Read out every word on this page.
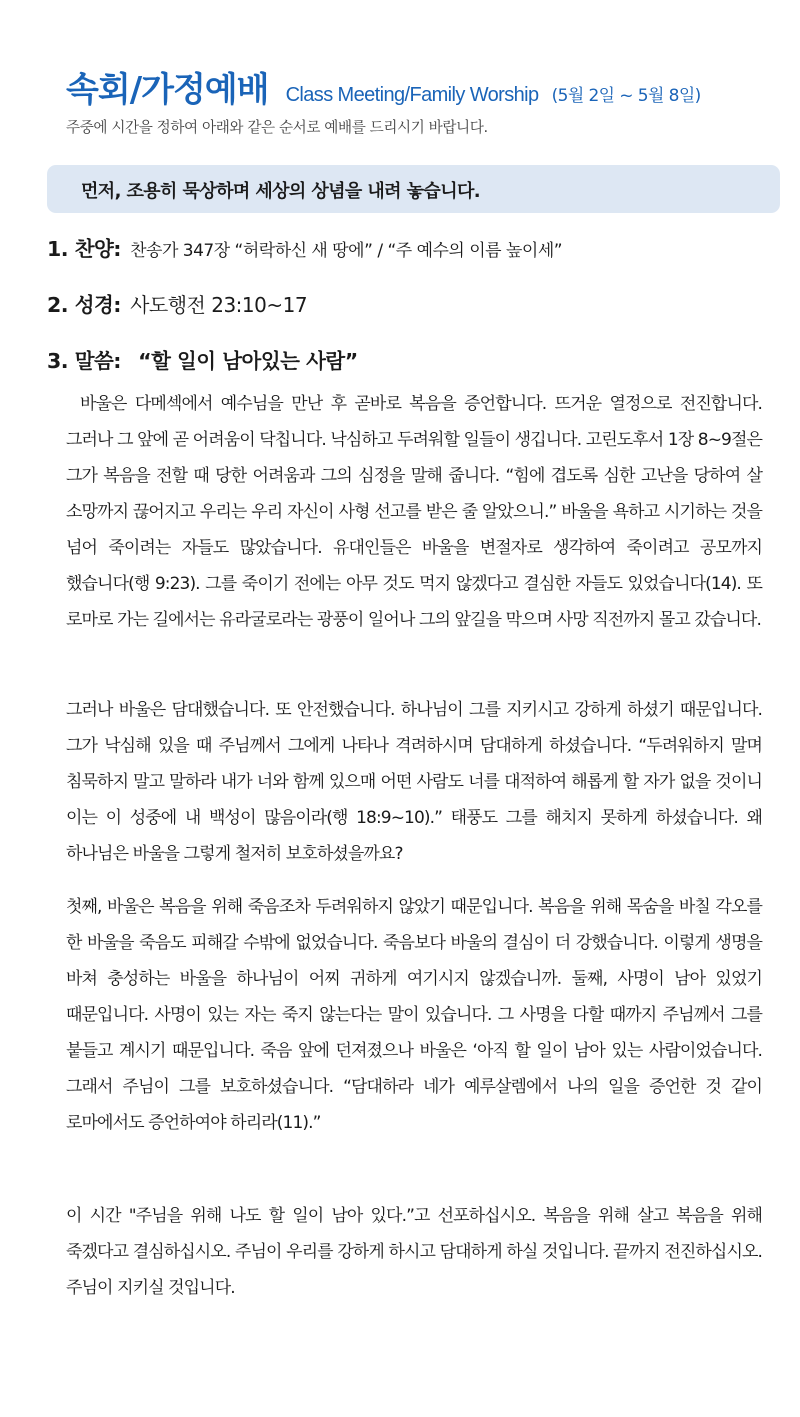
속회/가정예배 Class Meeting/Family Worship (5월 2일 ~ 5월 8일)
주중에 시간을 정하여 아래와 같은 순서로 예배를 드리시기 바랍니다.
먼저, 조용히 묵상하며 세상의 상념을 내려 놓습니다.
1. 찬양: 찬송가 347장 “허락하신 새 땅에” / “주 예수의 이름 높이세”
2. 성경: 사도행전 23:10~17
3. 말씀: “할 일이 남아있는 사람”

바울은 다메섹에서 예수님을 만난 후 곧바로 복음을 증언합니다. 뜨거운 열정으로 전진합니다. 그러나 그 앞에 곧 어려움이 닥칩니다. 낙심하고 두려워할 일들이 생깁니다. 고린도후서 1장 8~9절은 그가 복음을 전할 때 당한 어려움과 그의 심정을 말해 줍니다. “힘에 겹도록 심한 고난을 당하여 살 소망까지 끊어지고 우리는 우리 자신이 사형 선고를 받은 줄 알았으니.” 바울을 욕하고 시기하는 것을 넘어 죽이려는 자들도 많았습니다. 유대인들은 바울을 변절자로 생각하여 죽이려고 공모까지 했습니다(행 9:23). 그를 죽이기 전에는 아무 것도 먹지 않겠다고 결심한 자들도 있었습니다(14). 또 로마로 가는 길에서는 유라굴로라는 광풍이 일어나 그의 앞길을 막으며 사망 직전까지 몰고 갔습니다.

그러나 바울은 담대했습니다. 또 안전했습니다. 하나님이 그를 지키시고 강하게 하셨기 때문입니다. 그가 낙심해 있을 때 주님께서 그에게 나타나 격려하시며 담대하게 하셨습니다. “두려워하지 말며 침묵하지 말고 말하라 내가 너와 함께 있으매 어떤 사람도 너를 대적하여 해롭게 할 자가 없을 것이니 이는 이 성중에 내 백성이 많음이라(행 18:9~10).” 태풍도 그를 해치지 못하게 하셨습니다. 왜 하나님은 바울을 그렇게 철저히 보호하셨을까요?

첫째, 바울은 복음을 위해 죽음조차 두려워하지 않았기 때문입니다. 복음을 위해 목숨을 바칠 각오를 한 바울을 죽음도 피해갈 수밖에 없었습니다. 죽음보다 바울의 결심이 더 강했습니다. 이렇게 생명을 바쳐 충성하는 바울을 하나님이 어찌 귀하게 여기시지 않겠습니까. 둘째, 사명이 남아 있었기 때문입니다. 사명이 있는 자는 죽지 않는다는 말이 있습니다. 그 사명을 다할 때까지 주님께서 그를 붙들고 계시기 때문입니다. 죽음 앞에 던져졌으나 바울은 ‘아직 할 일이 남아 있는 사람이었습니다. 그래서 주님이 그를 보호하셨습니다. “담대하라 네가 예루살렘에서 나의 일을 증언한 것 같이 로마에서도 증언하여야 하리라(11).”

이 시간 "주님을 위해 나도 할 일이 남아 있다.”고 선포하십시오. 복음을 위해 살고 복음을 위해 죽겠다고 결심하십시오. 주님이 우리를 강하게 하시고 담대하게 하실 것입니다. 끝까지 전진하십시오. 주님이 지키실 것입니다.
